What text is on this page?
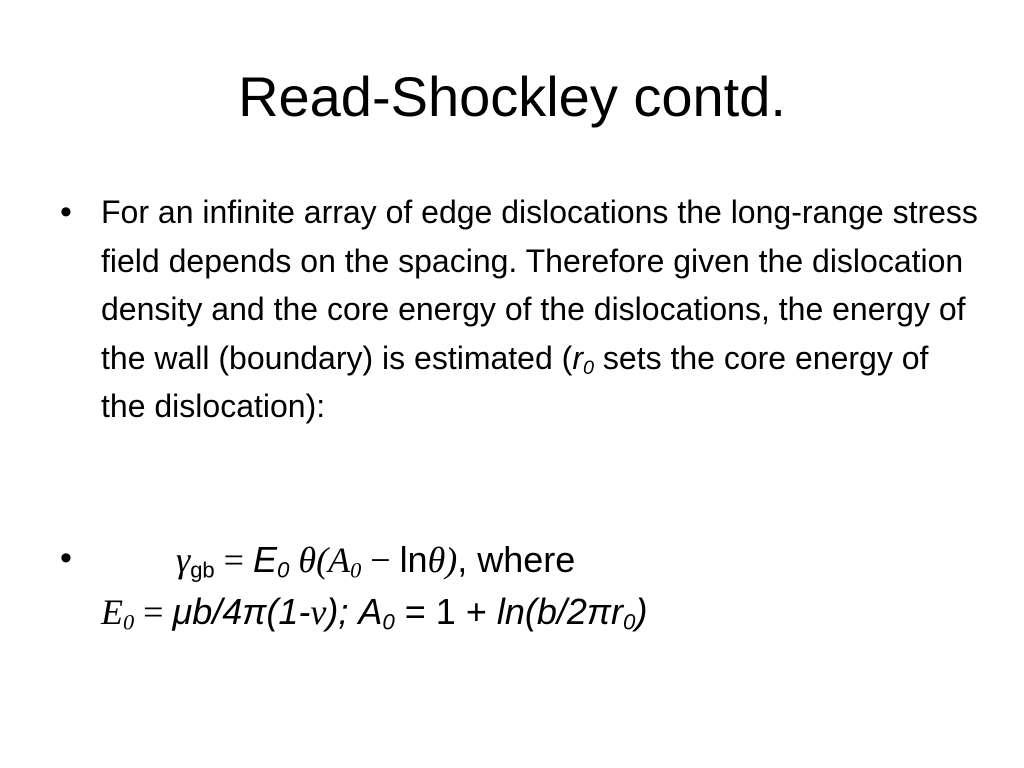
Read-Shockley contd.
• For an infinite array of edge dislocations the long-range stress field depends on the spacing. Therefore given the dislocation density and the core energy of the dislocations, the energy of the wall (boundary) is estimated ($r_0$ sets the core energy of the dislocation):
•	$\gamma_{gb} = E_0$ $\theta(A_0 - \ln\theta)$, where
$E_0 = \mu b/4\pi(1-\nu)$; $A_0 = 1 + \ln(b/2\pi r_0)$
